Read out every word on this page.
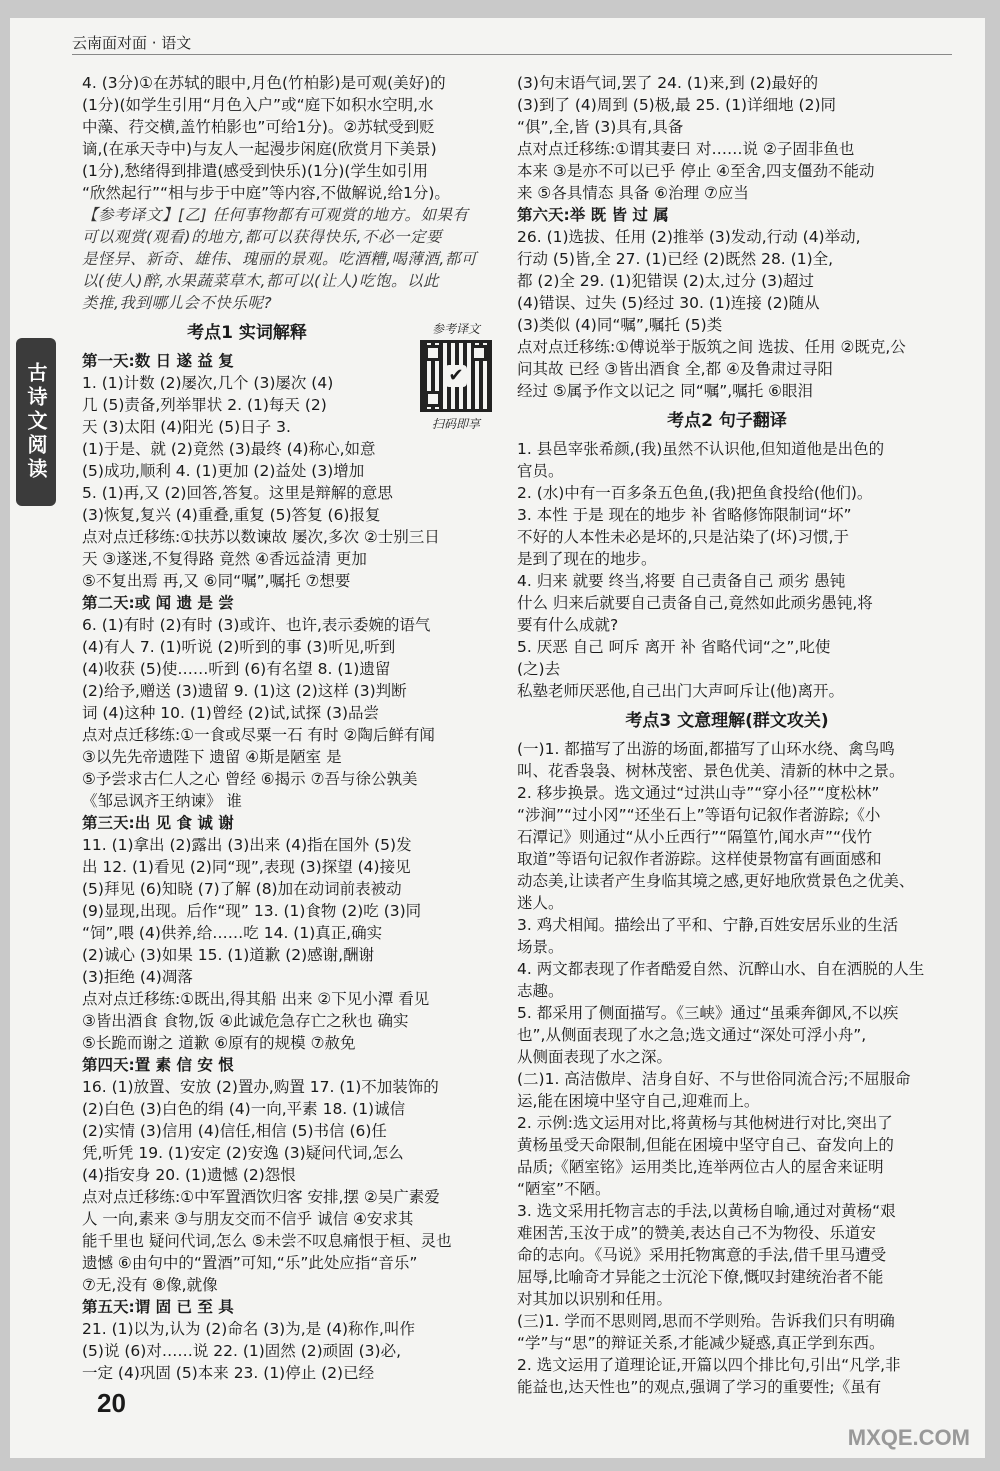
云南面对面 · 语文
古诗文阅读

4. (3分)①在苏轼的眼中,月色(竹柏影)是可观(美好)的

(1分)(如学生引用“月色入户”或“庭下如积水空明,水

中藻、荇交横,盖竹柏影也”可给1分)。②苏轼受到贬

谪,(在承天寺中)与友人一起漫步闲庭(欣赏月下美景)

(1分),愁绪得到排遣(感受到快乐)(1分)(学生如引用

“欣然起行”“相与步于中庭”等内容,不做解说,给1分)。

【参考译文】[乙] 任何事物都有可观赏的地方。如果有

可以观赏(观看)的地方,都可以获得快乐,不必一定要

是怪异、新奇、雄伟、瑰丽的景观。吃酒糟,喝薄酒,都可

以(使人)醉,水果蔬菜草木,都可以(让人)吃饱。以此

类推,我到哪儿会不快乐呢?

考点1 实词解释

第一天:数 日 遂 益 复

1. (1)计数 (2)屡次,几个 (3)屡次 (4)

几 (5)责备,列举罪状 2. (1)每天 (2)

天 (3)太阳 (4)阳光 (5)日子 3.

(1)于是、就 (2)竟然 (3)最终 (4)称心,如意

(5)成功,顺利 4. (1)更加 (2)益处 (3)增加

5. (1)再,又 (2)回答,答复。这里是辩解的意思

(3)恢复,复兴 (4)重叠,重复 (5)答复 (6)报复

点对点迁移练:①扶苏以数谏故 屡次,多次 ②士别三日

天 ③遂迷,不复得路 竟然 ④香远益清 更加

⑤不复出焉 再,又 ⑥同“嘱”,嘱托 ⑦想要

第二天:或 闻 遗 是 尝

6. (1)有时 (2)有时 (3)或许、也许,表示委婉的语气

(4)有人 7. (1)听说 (2)听到的事 (3)听见,听到

(4)收获 (5)使……听到 (6)有名望 8. (1)遗留

(2)给予,赠送 (3)遗留 9. (1)这 (2)这样 (3)判断

词 (4)这种 10. (1)曾经 (2)试,试探 (3)品尝

点对点迁移练:①一食或尽粟一石 有时 ②陶后鲜有闻

③以先先帝遗陛下 遗留 ④斯是陋室 是

⑤予尝求古仁人之心 曾经 ⑥揭示 ⑦吾与徐公孰美

《邹忌讽齐王纳谏》 谁

第三天:出 见 食 诚 谢

11. (1)拿出 (2)露出 (3)出来 (4)指在国外 (5)发

出 12. (1)看见 (2)同“现”,表现 (3)探望 (4)接见

(5)拜见 (6)知晓 (7)了解 (8)加在动词前表被动

(9)显现,出现。后作“现” 13. (1)食物 (2)吃 (3)同

“饲”,喂 (4)供养,给……吃 14. (1)真正,确实

(2)诚心 (3)如果 15. (1)道歉 (2)感谢,酬谢

(3)拒绝 (4)凋落

点对点迁移练:①既出,得其船 出来 ②下见小潭 看见

③皆出酒食 食物,饭 ④此诚危急存亡之秋也 确实

⑤长跪而谢之 道歉 ⑥原有的规模 ⑦赦免

第四天:置 素 信 安 恨

16. (1)放置、安放 (2)置办,购置 17. (1)不加装饰的

(2)白色 (3)白色的绢 (4)一向,平素 18. (1)诚信

(2)实情 (3)信用 (4)信任,相信 (5)书信 (6)任

凭,听凭 19. (1)安定 (2)安逸 (3)疑问代词,怎么

(4)指安身 20. (1)遗憾 (2)怨恨

点对点迁移练:①中军置酒饮归客 安排,摆 ②吴广素爱

人 一向,素来 ③与朋友交而不信乎 诚信 ④安求其

能千里也 疑问代词,怎么 ⑤未尝不叹息痛恨于桓、灵也

遗憾 ⑥由句中的“置酒”可知,“乐”此处应指“音乐”

⑦无,没有 ⑧像,就像

第五天:谓 固 已 至 具

21. (1)以为,认为 (2)命名 (3)为,是 (4)称作,叫作

(5)说 (6)对……说 22. (1)固然 (2)顽固 (3)必,

一定 (4)巩固 (5)本来 23. (1)停止 (2)已经

参考译文
✔
扫码即享

(3)句末语气词,罢了 24. (1)来,到 (2)最好的

(3)到了 (4)周到 (5)极,最 25. (1)详细地 (2)同

“俱”,全,皆 (3)具有,具备

点对点迁移练:①谓其妻曰 对……说 ②子固非鱼也

本来 ③是亦不可以已乎 停止 ④至舍,四支僵劲不能动

来 ⑤各具情态 具备 ⑥治理 ⑦应当

第六天:举 既 皆 过 属

26. (1)选拔、任用 (2)推举 (3)发动,行动 (4)举动,

行动 (5)皆,全 27. (1)已经 (2)既然 28. (1)全,

都 (2)全 29. (1)犯错误 (2)太,过分 (3)超过

(4)错误、过失 (5)经过 30. (1)连接 (2)随从

(3)类似 (4)同“嘱”,嘱托 (5)类

点对点迁移练:①傅说举于版筑之间 选拔、任用 ②既克,公

问其故 已经 ③皆出酒食 全,都 ④及鲁肃过寻阳

经过 ⑤属予作文以记之 同“嘱”,嘱托 ⑥眼泪

考点2 句子翻译

1. 县邑宰张希颜,(我)虽然不认识他,但知道他是出色的

官员。

2. (水)中有一百多条五色鱼,(我)把鱼食投给(他们)。

3. 本性 于是 现在的地步 补 省略修饰限制词“坏”

不好的人本性未必是坏的,只是沾染了(坏)习惯,于

是到了现在的地步。

4. 归来 就要 终当,将要 自己责备自己 顽劣 愚钝

什么 归来后就要自己责备自己,竟然如此顽劣愚钝,将

要有什么成就?

5. 厌恶 自己 呵斥 离开 补 省略代词“之”,叱使

(之)去

私塾老师厌恶他,自己出门大声呵斥让(他)离开。

考点3 文意理解(群文攻关)

(一)1. 都描写了出游的场面,都描写了山环水绕、禽鸟鸣

叫、花香袅袅、树林茂密、景色优美、清新的林中之景。

2. 移步换景。选文通过“过洪山寺”“穿小径”“度松林”

“涉涧”“过小冈”“还坐石上”等语句记叙作者游踪;《小

石潭记》则通过“从小丘西行”“隔篁竹,闻水声”“伐竹

取道”等语句记叙作者游踪。这样使景物富有画面感和

动态美,让读者产生身临其境之感,更好地欣赏景色之优美、

迷人。

3. 鸡犬相闻。描绘出了平和、宁静,百姓安居乐业的生活

场景。

4. 两文都表现了作者酷爱自然、沉醉山水、自在洒脱的人生

志趣。

5. 都采用了侧面描写。《三峡》通过“虽乘奔御风,不以疾

也”,从侧面表现了水之急;选文通过“深处可浮小舟”,

从侧面表现了水之深。

(二)1. 高洁傲岸、洁身自好、不与世俗同流合污;不屈服命

运,能在困境中坚守自己,迎难而上。

2. 示例:选文运用对比,将黄杨与其他树进行对比,突出了

黄杨虽受天命限制,但能在困境中坚守自己、奋发向上的

品质;《陋室铭》运用类比,连举两位古人的屋舍来证明

“陋室”不陋。

3. 选文采用托物言志的手法,以黄杨自喻,通过对黄杨“艰

难困苦,玉汝于成”的赞美,表达自己不为物役、乐道安

命的志向。《马说》采用托物寓意的手法,借千里马遭受

屈辱,比喻奇才异能之士沉沦下僚,慨叹封建统治者不能

对其加以识别和任用。

(三)1. 学而不思则罔,思而不学则殆。告诉我们只有明确

“学”与“思”的辩证关系,才能减少疑惑,真正学到东西。

2. 选文运用了道理论证,开篇以四个排比句,引出“凡学,非

能益也,达天性也”的观点,强调了学习的重要性;《虽有

20
MXQE.COM
